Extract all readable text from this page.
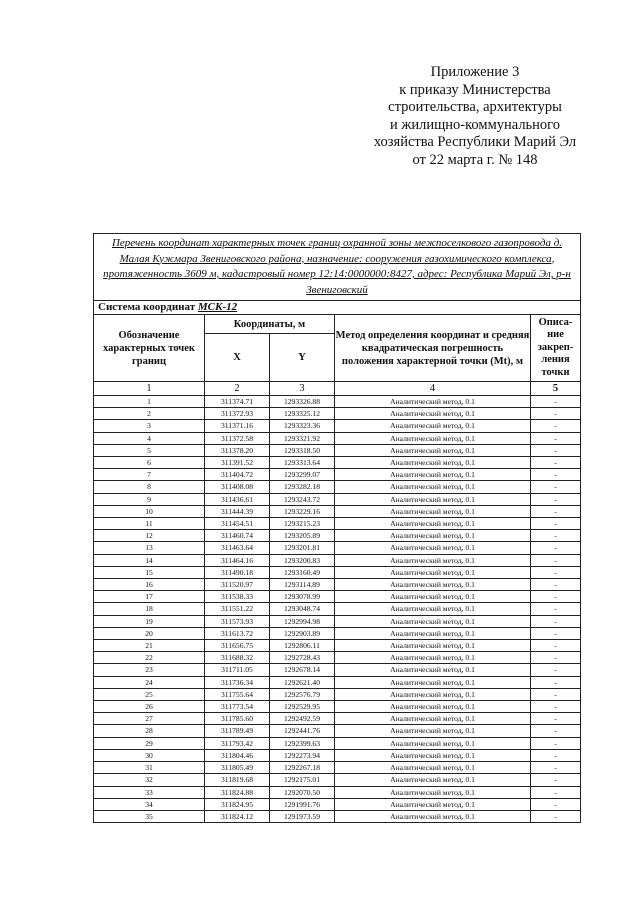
Приложение 3
к приказу Министерства
строительства, архитектуры
и жилищно-коммунального
хозяйства Республики Марий Эл
от 22 марта г. № 148
Перечень координат характерных точек границ охранной зоны межпоселкового газопровода д. Малая Кужмара Звениговского района, назначение: сооружения газохимического комплекса, протяженность 3609 м, кадастровый номер 12:14:0000000:8427, адрес: Республика Марий Эл, р-н Звениговский				
Система координат МСК-12				
Обозначение характерных точек границ	Координаты, м		Метод определения координат и средняя квадратическая погрешность положения характерной точки (Mt), м	Описа-ние закреп-ления точки
	X	Y		
1	2	3	4	5
1	311374.71	1293326.88	Аналитический метод, 0.1	-
2	311372.93	1293325.12	Аналитический метод, 0.1	-
3	311371.16	1293323.36	Аналитический метод, 0.1	-
4	311372.58	1293321.92	Аналитический метод, 0.1	-
5	311378.20	1293318.50	Аналитический метод, 0.1	-
6	311391.52	1293313.64	Аналитический метод, 0.1	-
7	311404.72	1293299.07	Аналитический метод, 0.1	-
8	311408.08	1293282.18	Аналитический метод, 0.1	-
9	311436.61	1293243.72	Аналитический метод, 0.1	-
10	311444.39	1293229.16	Аналитический метод, 0.1	-
11	311454.51	1293215.23	Аналитический метод, 0.1	-
12	311460.74	1293205.89	Аналитический метод, 0.1	-
13	311463.64	1293201.81	Аналитический метод, 0.1	-
14	311464.16	1293200.83	Аналитический метод, 0.1	-
15	311490.18	1293160.49	Аналитический метод, 0.1	-
16	311520.97	1293114.89	Аналитический метод, 0.1	-
17	311538.33	1293078.99	Аналитический метод, 0.1	-
18	311551.22	1293048.74	Аналитический метод, 0.1	-
19	311573.93	1292994.98	Аналитический метод, 0.1	-
20	311613.72	1292903.89	Аналитический метод, 0.1	-
21	311656.75	1292806.11	Аналитический метод, 0.1	-
22	311688.32	1292728.43	Аналитический метод, 0.1	-
23	311711.05	1292678.14	Аналитический метод, 0.1	-
24	311736.34	1292621.40	Аналитический метод, 0.1	-
25	311755.64	1292576.79	Аналитический метод, 0.1	-
26	311773.54	1292529.95	Аналитический метод, 0.1	-
27	311785.60	1292492.59	Аналитический метод, 0.1	-
28	311789.49	1292441.76	Аналитический метод, 0.1	-
29	311793.42	1292399.63	Аналитический метод, 0.1	-
30	311804.46	1292273.94	Аналитический метод, 0.1	-
31	311805.49	1292267.18	Аналитический метод, 0.1	-
32	311819.68	1292175.01	Аналитический метод, 0.1	-
33	311824.88	1292070.50	Аналитический метод, 0.1	-
34	311824.95	1291991.76	Аналитический метод, 0.1	-
35	311824.12	1291973.59	Аналитический метод, 0.1	-
